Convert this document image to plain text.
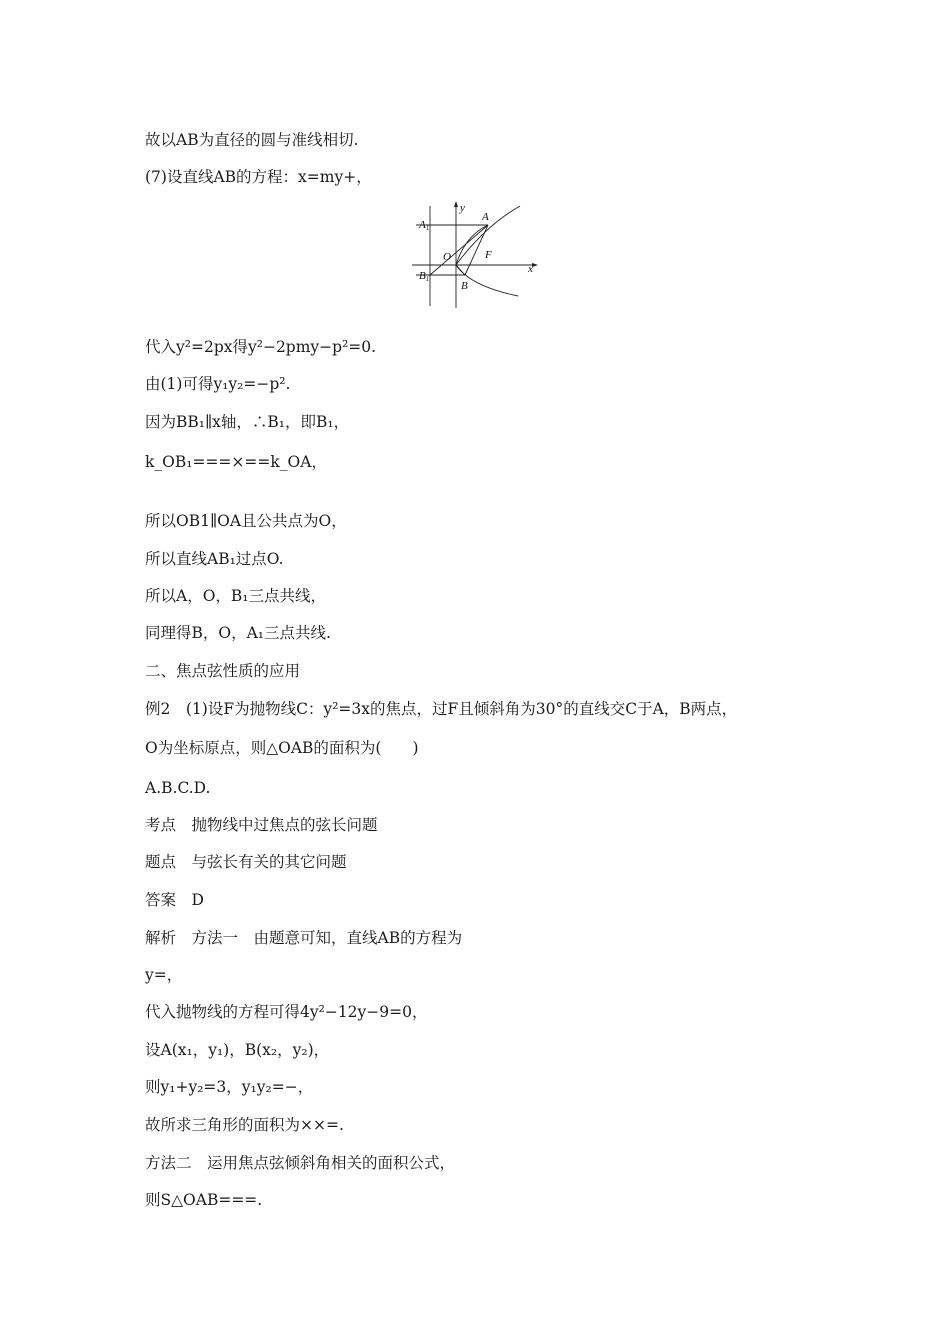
故以AB为直径的圆与准线相切.
(7)设直线AB的方程：x=my+，
y
A1
A
O	F
x
B1
B
代入y²=2px得y²−2pmy−p²=0.
由(1)可得y₁y₂=−p².
因为BB₁∥x轴，∴B₁，即B₁，
k_OB₁===×==k_OA，
所以OB1∥OA且公共点为O，
所以直线AB₁过点O.
所以A，O，B₁三点共线，
同理得B，O，A₁三点共线.
二、焦点弦性质的应用
例2　(1)设F为抛物线C：y²=3x的焦点，过F且倾斜角为30°的直线交C于A，B两点，
O为坐标原点，则△OAB的面积为(　　)
A.B.C.D.
考点　抛物线中过焦点的弦长问题
题点　与弦长有关的其它问题
答案　D
解析　方法一　由题意可知，直线AB的方程为
y=，
代入抛物线的方程可得4y²−12y−9=0，
设A(x₁，y₁)，B(x₂，y₂)，
则y₁+y₂=3，y₁y₂=−，
故所求三角形的面积为××=.
方法二　运用焦点弦倾斜角相关的面积公式，
则S△OAB===.
